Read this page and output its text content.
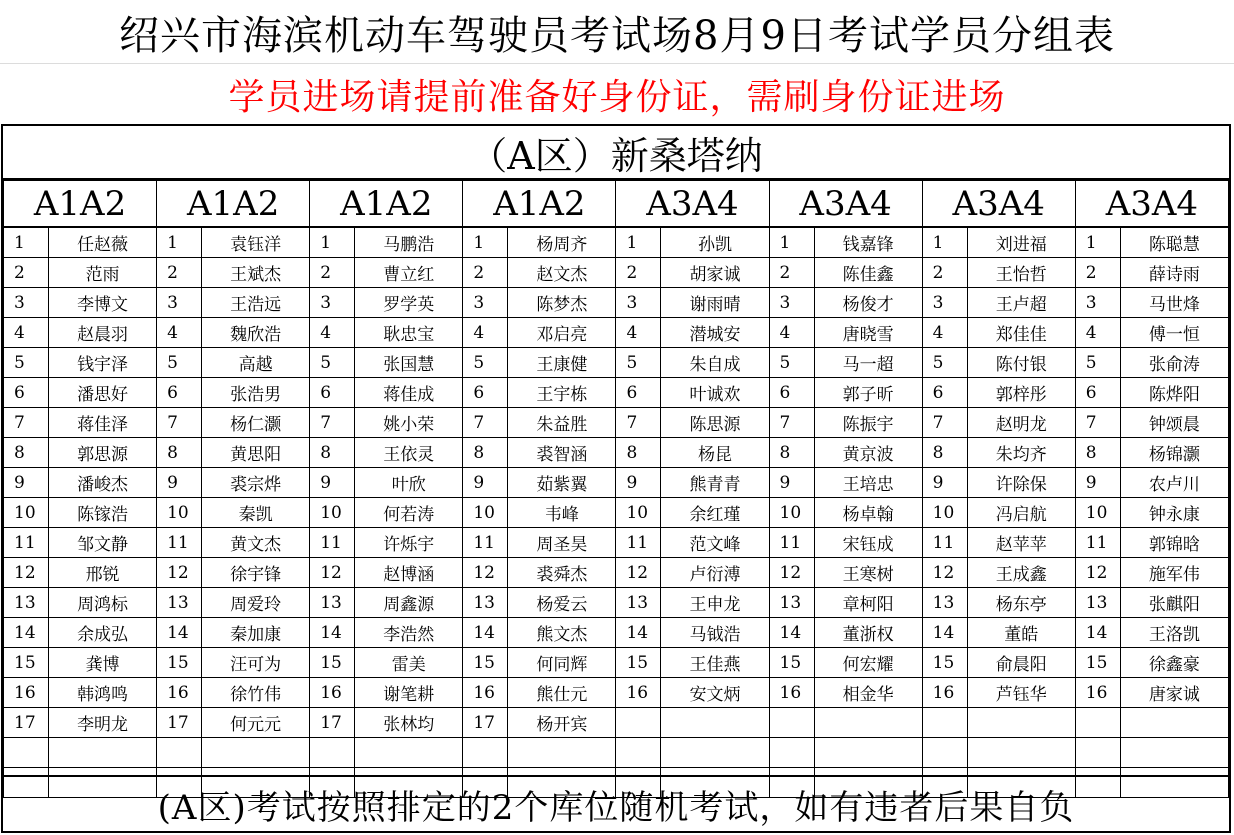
绍兴市海滨机动车驾驶员考试场8月9日考试学员分组表
学员进场请提前准备好身份证，需刷身份证进场
（A区）新桑塔纳
A1A2		A1A2		A1A2		A1A2		A3A4		A3A4		A3A4		A3A4	
1	任赵薇	1	袁钰洋	1	马鹏浩	1	杨周齐	1	孙凯	1	钱嘉锋	1	刘进福	1	陈聪慧
2	范雨	2	王斌杰	2	曹立红	2	赵文杰	2	胡家诚	2	陈佳鑫	2	王怡哲	2	薛诗雨
3	李博文	3	王浩远	3	罗学英	3	陈梦杰	3	谢雨晴	3	杨俊才	3	王卢超	3	马世烽
4	赵晨羽	4	魏欣浩	4	耿忠宝	4	邓启亮	4	潜城安	4	唐晓雪	4	郑佳佳	4	傅一恒
5	钱宇泽	5	高越	5	张国慧	5	王康健	5	朱自成	5	马一超	5	陈付银	5	张俞涛
6	潘思好	6	张浩男	6	蒋佳成	6	王宇栋	6	叶诚欢	6	郭子昕	6	郭梓彤	6	陈烨阳
7	蒋佳泽	7	杨仁灏	7	姚小荣	7	朱益胜	7	陈思源	7	陈振宇	7	赵明龙	7	钟颂晨
8	郭思源	8	黄思阳	8	王依灵	8	裘智涵	8	杨昆	8	黄京波	8	朱均齐	8	杨锦灏
9	潘峻杰	9	裘宗烨	9	叶欣	9	茹紫翼	9	熊青青	9	王培忠	9	许除保	9	农卢川
10	陈镓浩	10	秦凯	10	何若涛	10	韦峰	10	余红瑾	10	杨卓翰	10	冯启航	10	钟永康
11	邹文静	11	黄文杰	11	许烁宇	11	周圣昊	11	范文峰	11	宋钰成	11	赵苹苹	11	郭锦晗
12	邢锐	12	徐宇锋	12	赵博涵	12	裘舜杰	12	卢衍溥	12	王寒树	12	王成鑫	12	施军伟
13	周鸿标	13	周爱玲	13	周鑫源	13	杨爱云	13	王申龙	13	章柯阳	13	杨东亭	13	张麒阳
14	余成弘	14	秦加康	14	李浩然	14	熊文杰	14	马钺浩	14	董浙权	14	董皓	14	王洛凯
15	龚博	15	汪可为	15	雷美	15	何同辉	15	王佳燕	15	何宏耀	15	俞晨阳	15	徐鑫豪
16	韩鸿鸣	16	徐竹伟	16	谢笔耕	16	熊仕元	16	安文炳	16	相金华	16	芦钰华	16	唐家诚
17	李明龙	17	何元元	17	张林均	17	杨开宾								

(A区)考试按照排定的2个库位随机考试，如有违者后果自负
